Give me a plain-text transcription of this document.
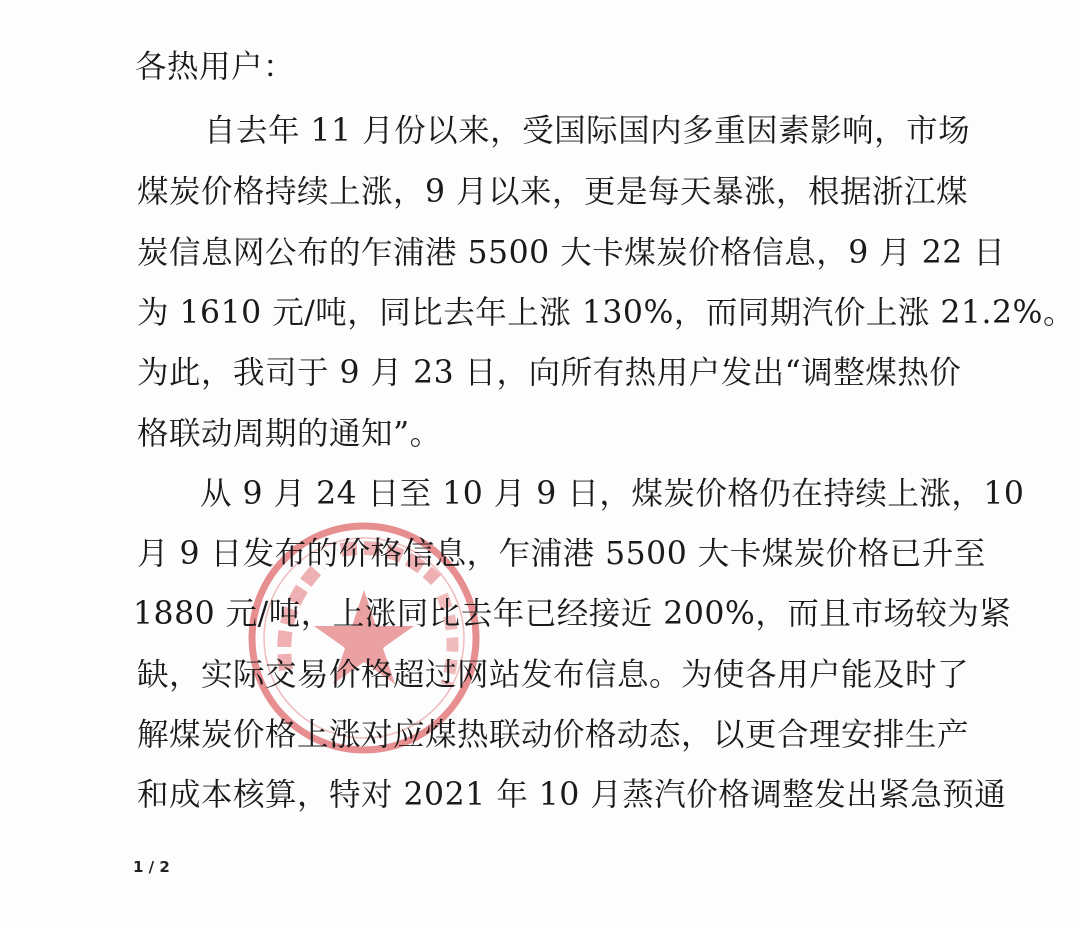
各热用户：
自去年 11 月份以来，受国际国内多重因素影响，市场
煤炭价格持续上涨，9 月以来，更是每天暴涨，根据浙江煤
炭信息网公布的乍浦港 5500 大卡煤炭价格信息，9 月 22 日
为 1610 元/吨，同比去年上涨 130%，而同期汽价上涨 21.2%。
为此，我司于 9 月 23 日，向所有热用户发出“调整煤热价
格联动周期的通知”。
从 9 月 24 日至 10 月 9 日，煤炭价格仍在持续上涨，10
月 9 日发布的价格信息，乍浦港 5500 大卡煤炭价格已升至
1880 元/吨，上涨同比去年已经接近 200%，而且市场较为紧
缺，实际交易价格超过网站发布信息。为使各用户能及时了
解煤炭价格上涨对应煤热联动价格动态，以更合理安排生产
和成本核算，特对 2021 年 10 月蒸汽价格调整发出紧急预通
1 / 2
